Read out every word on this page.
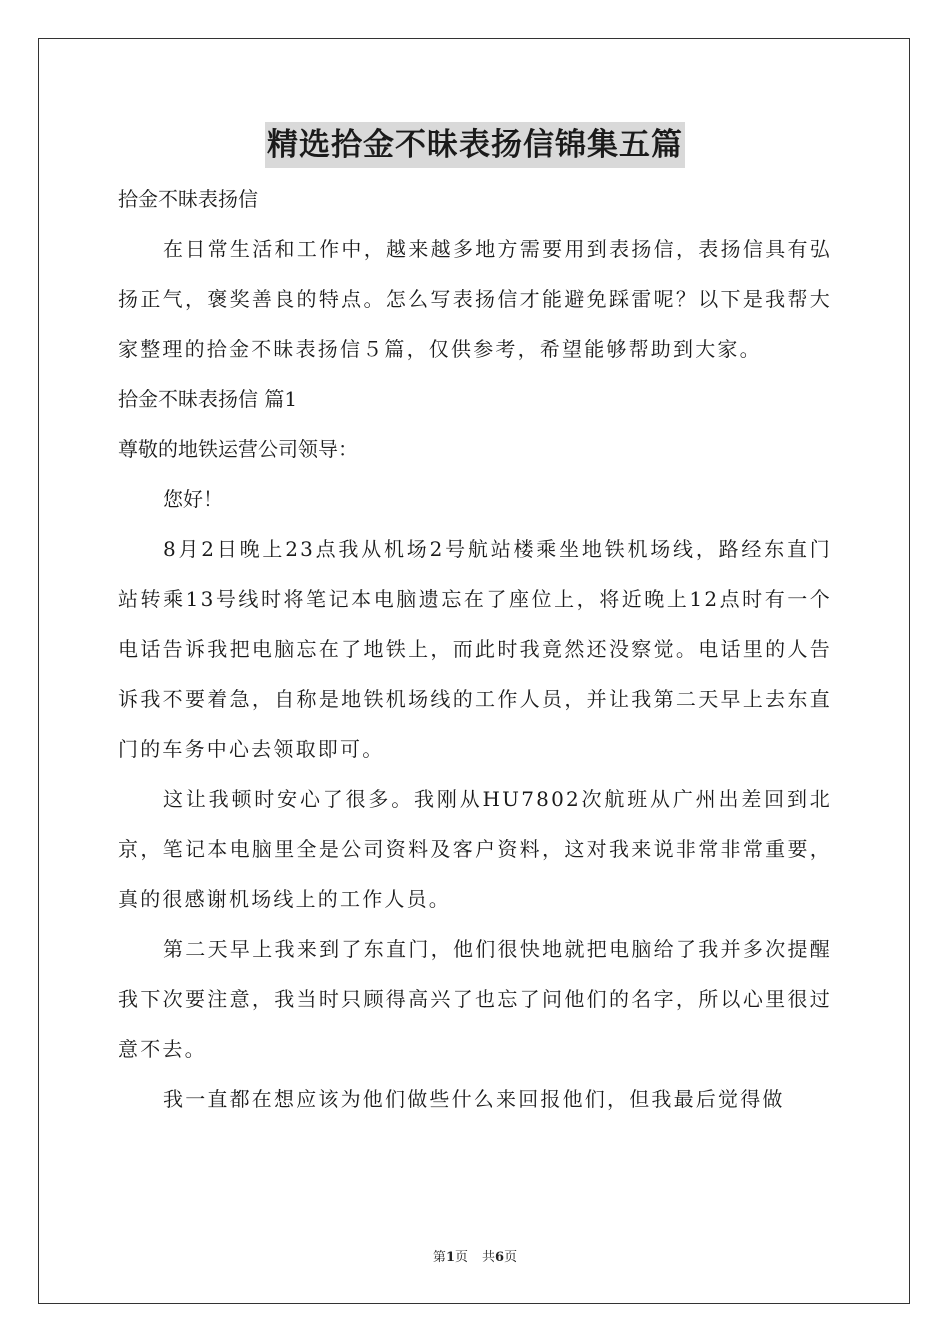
精选拾金不昧表扬信锦集五篇

拾金不昧表扬信

在日常生活和工作中，越来越多地方需要用到表扬信，表扬信具有弘扬正气，褒奖善良的特点。怎么写表扬信才能避免踩雷呢？以下是我帮大家整理的拾金不昧表扬信５篇，仅供参考，希望能够帮助到大家。

拾金不昧表扬信 篇1

尊敬的地铁运营公司领导：

您好！

8月2日晚上23点我从机场2号航站楼乘坐地铁机场线，路经东直门站转乘13号线时将笔记本电脑遗忘在了座位上，将近晚上12点时有一个电话告诉我把电脑忘在了地铁上，而此时我竟然还没察觉。电话里的人告诉我不要着急，自称是地铁机场线的工作人员，并让我第二天早上去东直门的车务中心去领取即可。

这让我顿时安心了很多。我刚从HU7802次航班从广州出差回到北京，笔记本电脑里全是公司资料及客户资料，这对我来说非常非常重要，真的很感谢机场线上的工作人员。

第二天早上我来到了东直门，他们很快地就把电脑给了我并多次提醒我下次要注意，我当时只顾得高兴了也忘了问他们的名字，所以心里很过意不去。

我一直都在想应该为他们做些什么来回报他们，但我最后觉得做

第1页 共6页
